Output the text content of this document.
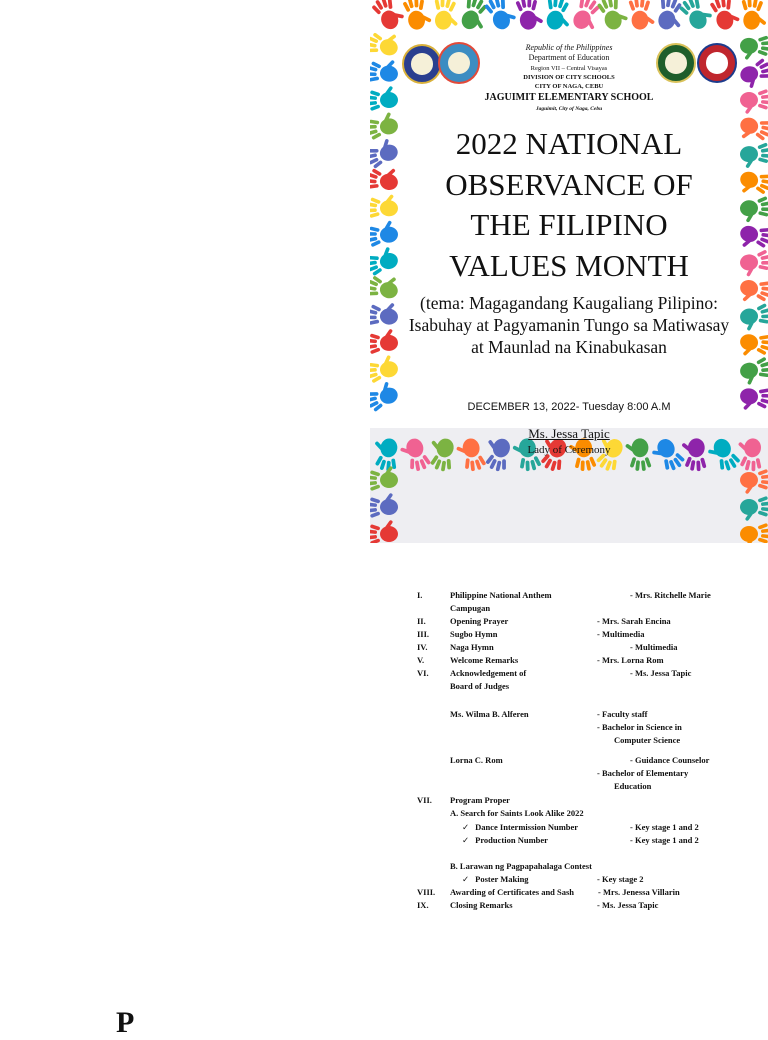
Republic of the Philippines
Department of Education
Region VII – Central Visayas
DIVISION OF CITY SCHOOLS
CITY OF NAGA, CEBU
JAGUIMIT ELEMENTARY SCHOOL
Jaguimit, City of Naga, Cebu
2022 NATIONAL OBSERVANCE OF THE FILIPINO VALUES MONTH
(tema: Magagandang Kaugaliang Pilipino: Isabuhay at Pagyamanin Tungo sa Matiwasay at Maunlad na Kinabukasan
DECEMBER 13, 2022- Tuesday 8:00 A.M
Ms. Jessa Tapic
Lady of Ceremony
I.	Philippine National Anthem	- Mrs. Ritchelle Marie
Campugan
II.	Opening Prayer	- Mrs. Sarah Encina
III. Sugbo Hymn	- Multimedia
IV.	Naga Hymn	- Multimedia
V.	Welcome Remarks	- Mrs. Lorna Rom
VI.	Acknowledgement of	- Ms. Jessa Tapic
Board of Judges
Ms. Wilma B. Alferen	- Faculty staff
- Bachelor in Science in
Computer Science
Lorna C. Rom	- Guidance Counselor
- Bachelor of Elementary
Education
VII. Program Proper
A. Search for Saints Look Alike 2022
✓ Dance Intermission Number	- Key stage 1 and 2
✓ Production Number	- Key stage 1 and 2
B. Larawan ng Pagpapahalaga Contest
✓ Poster Making	- Key stage 2
VIII. Awarding of Certificates and Sash	- Mrs. Jenessa Villarin
IX.	Closing Remarks	- Ms. Jessa Tapic
P
